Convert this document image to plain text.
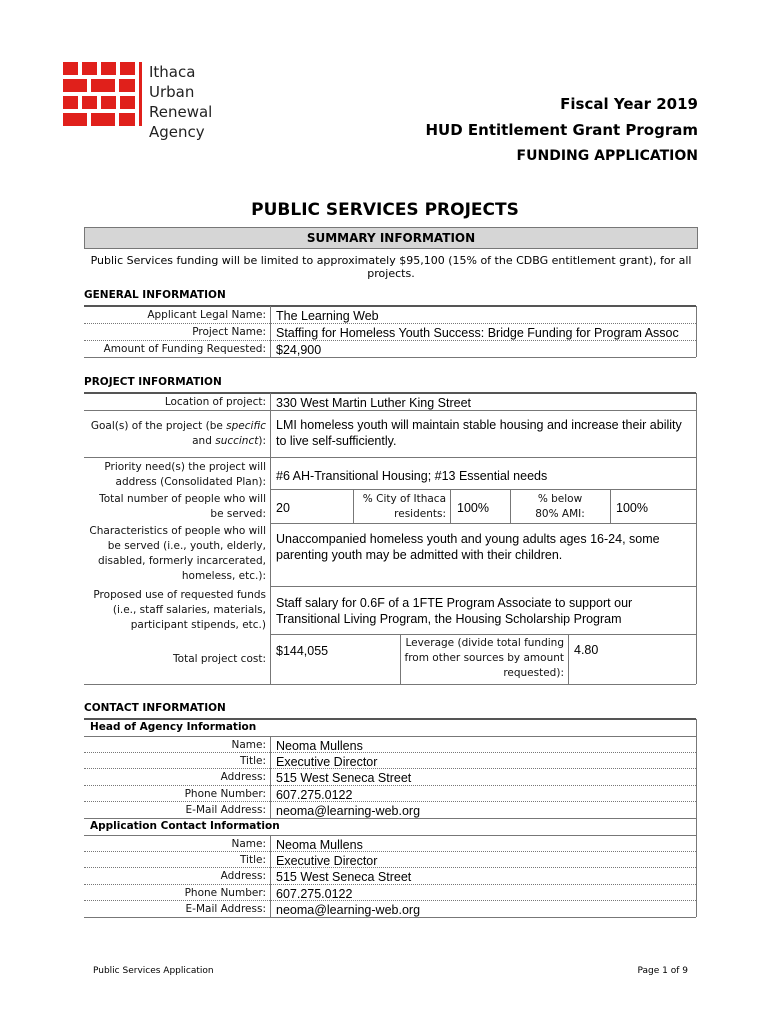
Ithaca
Urban
Renewal
Agency
Fiscal Year 2019
HUD Entitlement Grant Program
FUNDING APPLICATION
PUBLIC SERVICES PROJECTS
SUMMARY INFORMATION
Public Services funding will be limited to approximately $95,100 (15% of the CDBG entitlement grant), for all projects.
GENERAL INFORMATION
Applicant Legal Name: The Learning Web
Project Name: Staffing for Homeless Youth Success: Bridge Funding for Program Assoc
Amount of Funding Requested: $24,900
PROJECT INFORMATION
Location of project: 330 West Martin Luther King Street
Goal(s) of the project (be specific
and succinct):
LMI homeless youth will maintain stable housing and increase their ability
to live self-sufficiently.
Priority need(s) the project will
address (Consolidated Plan): #6 AH-Transitional Housing; #13 Essential needs
Total number of people who will
be served: 20
% City of Ithaca
residents: 100%
% below
80% AMI:	100%
Characteristics of people who will
be served (i.e., youth, elderly,
disabled, formerly incarcerated,
homeless, etc.):
Unaccompanied homeless youth and young adults ages 16-24, some
parenting youth may be admitted with their children.
Proposed use of requested funds
(i.e., staff salaries, materials,
participant stipends, etc.)
Staff salary for 0.6F of a 1FTE Program Associate to support our
Transitional Living Program, the Housing Scholarship Program
Total project cost:
$144,055
Leverage (divide total funding
from other sources by amount
requested):
4.80
CONTACT INFORMATION
Head of Agency Information
Application Contact Information
Name: Neoma Mullens
Title: Executive Director
Address: 515 West Seneca Street
Phone Number: 607.275.0122
E-Mail Address: neoma@learning-web.org
Name: Neoma Mullens
Title: Executive Director
Address: 515 West Seneca Street
Phone Number: 607.275.0122
E-Mail Address: neoma@learning-web.org
Public Services Application	Page 1 of 9
